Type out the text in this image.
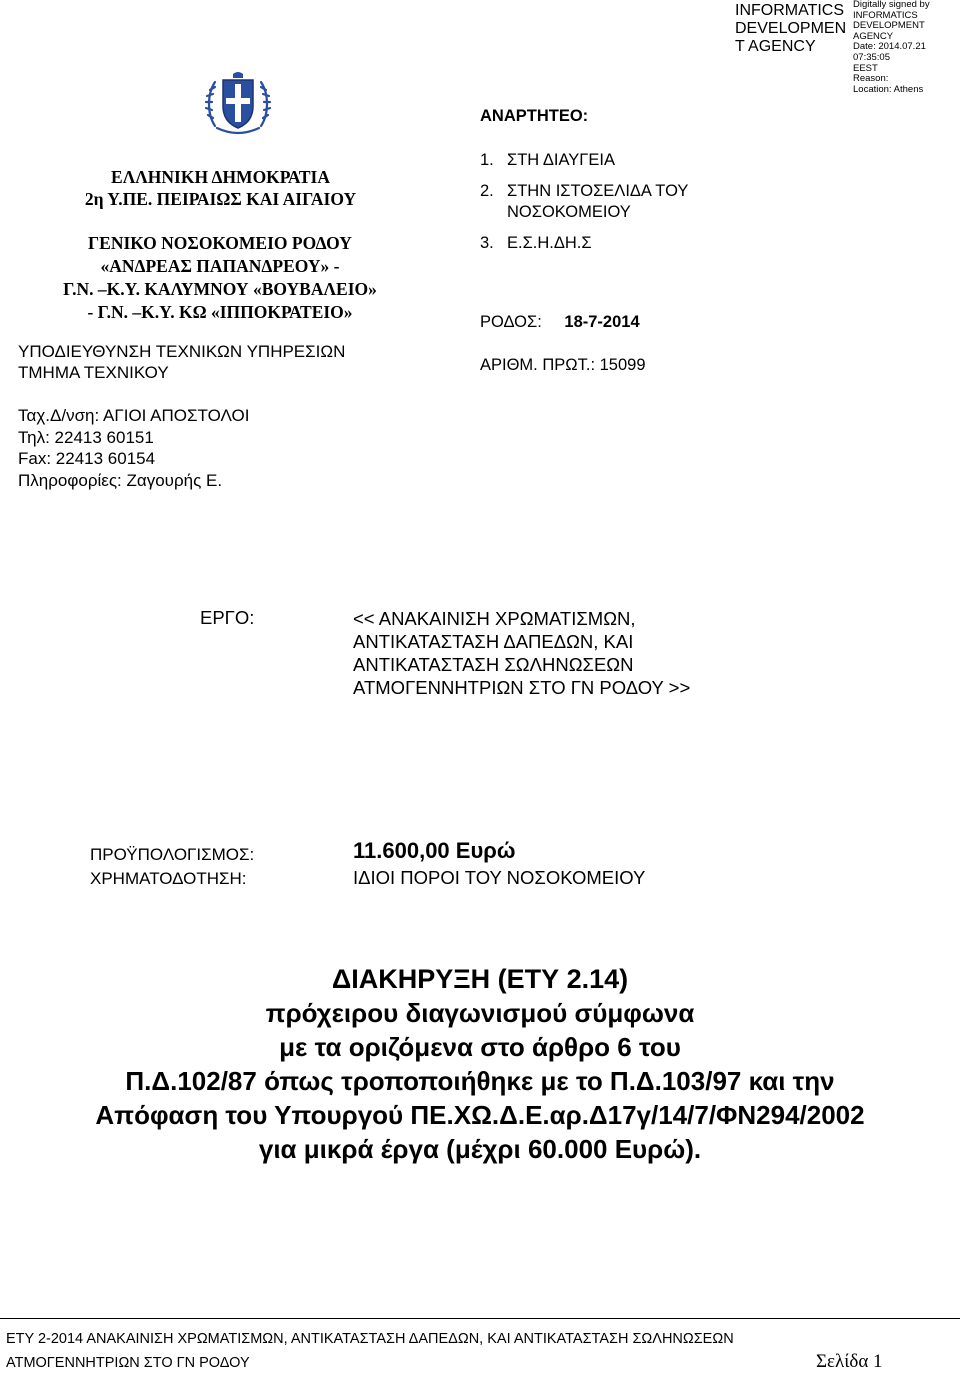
INFORMATICS
DEVELOPMEN
T AGENCY
Digitally signed by
INFORMATICS
DEVELOPMENT AGENCY
Date: 2014.07.21 07:35:05
EEST
Reason:
Location: Athens
ΕΛΛΗΝΙΚΗ ΔΗΜΟΚΡΑΤΙΑ
2η Υ.ΠΕ. ΠΕΙΡΑΙΩΣ ΚΑΙ ΑΙΓΑΙΟΥ
ΓΕΝΙΚΟ ΝΟΣΟΚΟΜΕΙΟ ΡΟΔΟΥ
«ΑΝΔΡΕΑΣ ΠΑΠΑΝΔΡΕΟΥ» -
Γ.Ν. –Κ.Υ. ΚΑΛΥΜΝΟΥ «ΒΟΥΒΑΛΕΙΟ»
- Γ.Ν. –Κ.Υ. ΚΩ «ΙΠΠΟΚΡΑΤΕΙΟ»
ΥΠΟΔΙΕΥΘΥΝΣΗ ΤΕΧΝΙΚΩΝ ΥΠΗΡΕΣΙΩΝ
ΤΜΗΜΑ ΤΕΧΝΙΚΟΥ
ΑΝΑΡΤΗΤΕΟ:
1. ΣΤΗ ΔΙΑΥΓΕΙΑ
2. ΣΤΗΝ ΙΣΤΟΣΕΛΙΔΑ ΤΟΥ
ΝΟΣΟΚΟΜΕΙΟΥ
3. Ε.Σ.Η.ΔΗ.Σ
ΡΟΔΟΣ: 18-7-2014
ΑΡΙΘΜ. ΠΡΩΤ.: 15099
Ταχ.Δ/νση: ΑΓΙΟΙ ΑΠΟΣΤΟΛΟΙ
Τηλ: 22413 60151
Fax: 22413 60154
Πληροφορίες: Ζαγουρής Ε.
ΕΡΓΟ:	<< ΑΝΑΚΑΙΝΙΣΗ ΧΡΩΜΑΤΙΣΜΩΝ,
ΑΝΤΙΚΑΤΑΣΤΑΣΗ ΔΑΠΕΔΩΝ, ΚΑΙ
ΑΝΤΙΚΑΤΑΣΤΑΣΗ ΣΩΛΗΝΩΣΕΩΝ
ΑΤΜΟΓΕΝΝΗΤΡΙΩΝ ΣΤΟ ΓΝ ΡΟΔΟΥ >>
ΠΡΟΫΠΟΛΟΓΙΣΜΟΣ:
ΧΡΗΜΑΤΟΔΟΤΗΣΗ:
11.600,00 Ευρώ
ΙΔΙΟΙ ΠΟΡΟΙ ΤΟΥ ΝΟΣΟΚΟΜΕΙΟΥ
ΔΙΑΚΗΡΥΞΗ (ΕΤΥ 2.14)
πρόχειρου διαγωνισμού σύμφωνα
με τα οριζόμενα στο άρθρο 6 του
Π.Δ.102/87 όπως τροποποιήθηκε με το Π.Δ.103/97 και την
Απόφαση του Υπουργού ΠΕ.ΧΩ.Δ.Ε.αρ.Δ17γ/14/7/ΦΝ294/2002
για μικρά έργα (μέχρι 60.000 Ευρώ).
ΕΤΥ 2-2014 ΑΝΑΚΑΙΝΙΣΗ ΧΡΩΜΑΤΙΣΜΩΝ, ΑΝΤΙΚΑΤΑΣΤΑΣΗ ΔΑΠΕΔΩΝ, ΚΑΙ ΑΝΤΙΚΑΤΑΣΤΑΣΗ ΣΩΛΗΝΩΣΕΩΝ
ΑΤΜΟΓΕΝΝΗΤΡΙΩΝ ΣΤΟ ΓΝ ΡΟΔΟΥ	Σελίδα 1
